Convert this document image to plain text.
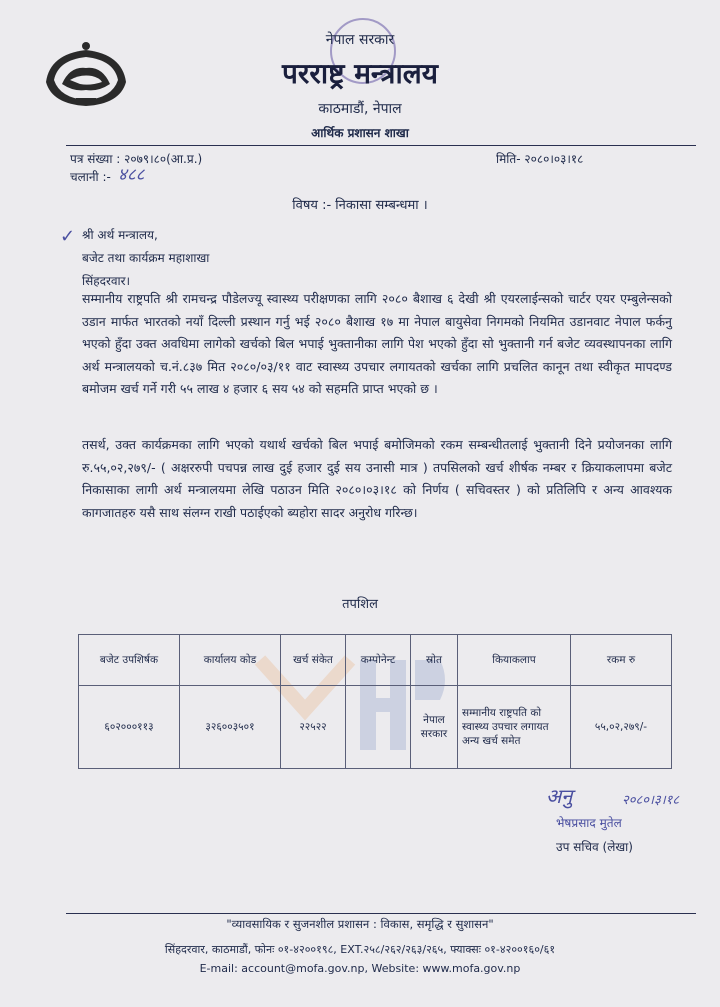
नेपाल सरकार
परराष्ट्र मन्त्रालय
काठमाडौं, नेपाल
आर्थिक प्रशासन शाखा
पत्र संख्या : २०७९।८०(आ.प्र.)	मिति- २०८०।०३।१८
चलानी :- ४८८
विषय :- निकासा सम्बन्धमा ।
✓ श्री अर्थ मन्त्रालय,
बजेट तथा कार्यक्रम महाशाखा
सिंहदरवार।
सम्मानीय राष्ट्रपति श्री रामचन्द्र पौडेलज्यू स्वास्थ्य परीक्षणका लागि २०८० बैशाख ६ देखी श्री एयरलाईन्सको चार्टर एयर एम्बुलेन्सको उडान मार्फत भारतको नयाँ दिल्ली प्रस्थान गर्नु भई २०८० बैशाख १७ मा नेपाल बायुसेवा निगमको नियमित उडानवाट नेपाल फर्कनु भएको हुँदा उक्त अवधिमा लागेको खर्चको बिल भपाई भुक्तानीका लागि पेश भएको हुँदा सो भुक्तानी गर्न बजेट व्यवस्थापनका लागि अर्थ मन्त्रालयको च.नं.८३७ मित २०८०/०३/११ वाट स्वास्थ्य उपचार लगायतको खर्चका लागि प्रचलित कानून तथा स्वीकृत मापदण्ड बमोजम खर्च गर्ने गरी ५५ लाख ४ हजार ६ सय ५४ को सहमति प्राप्त भएको छ ।
तसर्थ, उक्त कार्यक्रमका लागि भएको यथार्थ खर्चको बिल भपाई बमोजिमको रकम सम्बन्धीतलाई भुक्तानी दिने प्रयोजनका लागि रु.५५,०२,२७९/- ( अक्षररुपी पचपन्न लाख दुई हजार दुई सय उनासी मात्र ) तपसिलको खर्च शीर्षक नम्बर र क्रियाकलापमा बजेट निकासाका लागी अर्थ मन्त्रालयमा लेखि पठाउन मिति २०८०।०३।१८ को निर्णय ( सचिवस्तर ) को प्रतिलिपि र अन्य आवश्यक कागजातहरु यसै साथ संलग्न राखी पठाईएको ब्यहोरा सादर अनुरोध गरिन्छ।
तपशिल
बजेट उपशिर्षक	कार्यालय कोड	खर्च संकेत	कम्पोनेन्ट	स्रोत	कियाकलाप	रकम रु
६०२०००११३	३२६००३५०१	२२५२२		नेपाल सरकार	सम्मानीय राष्ट्रपति को स्वास्थ्य उपचार लगायत अन्य खर्च समेत	५५,०२,२७९/-
अनु	२०८०।३।१८
भेषप्रसाद मुतेल
उप सचिव (लेखा)
"व्यावसायिक र सुजनशील प्रशासन : विकास, समृद्धि र सुशासन"
सिंहदरवार, काठमाडौं, फोनः ०१-४२००१९८, EXT.२५८/२६२/२६३/२६५, फ्याक्सः ०१-४२००१६०/६१
E-mail: account@mofa.gov.np, Website: www.mofa.gov.np
